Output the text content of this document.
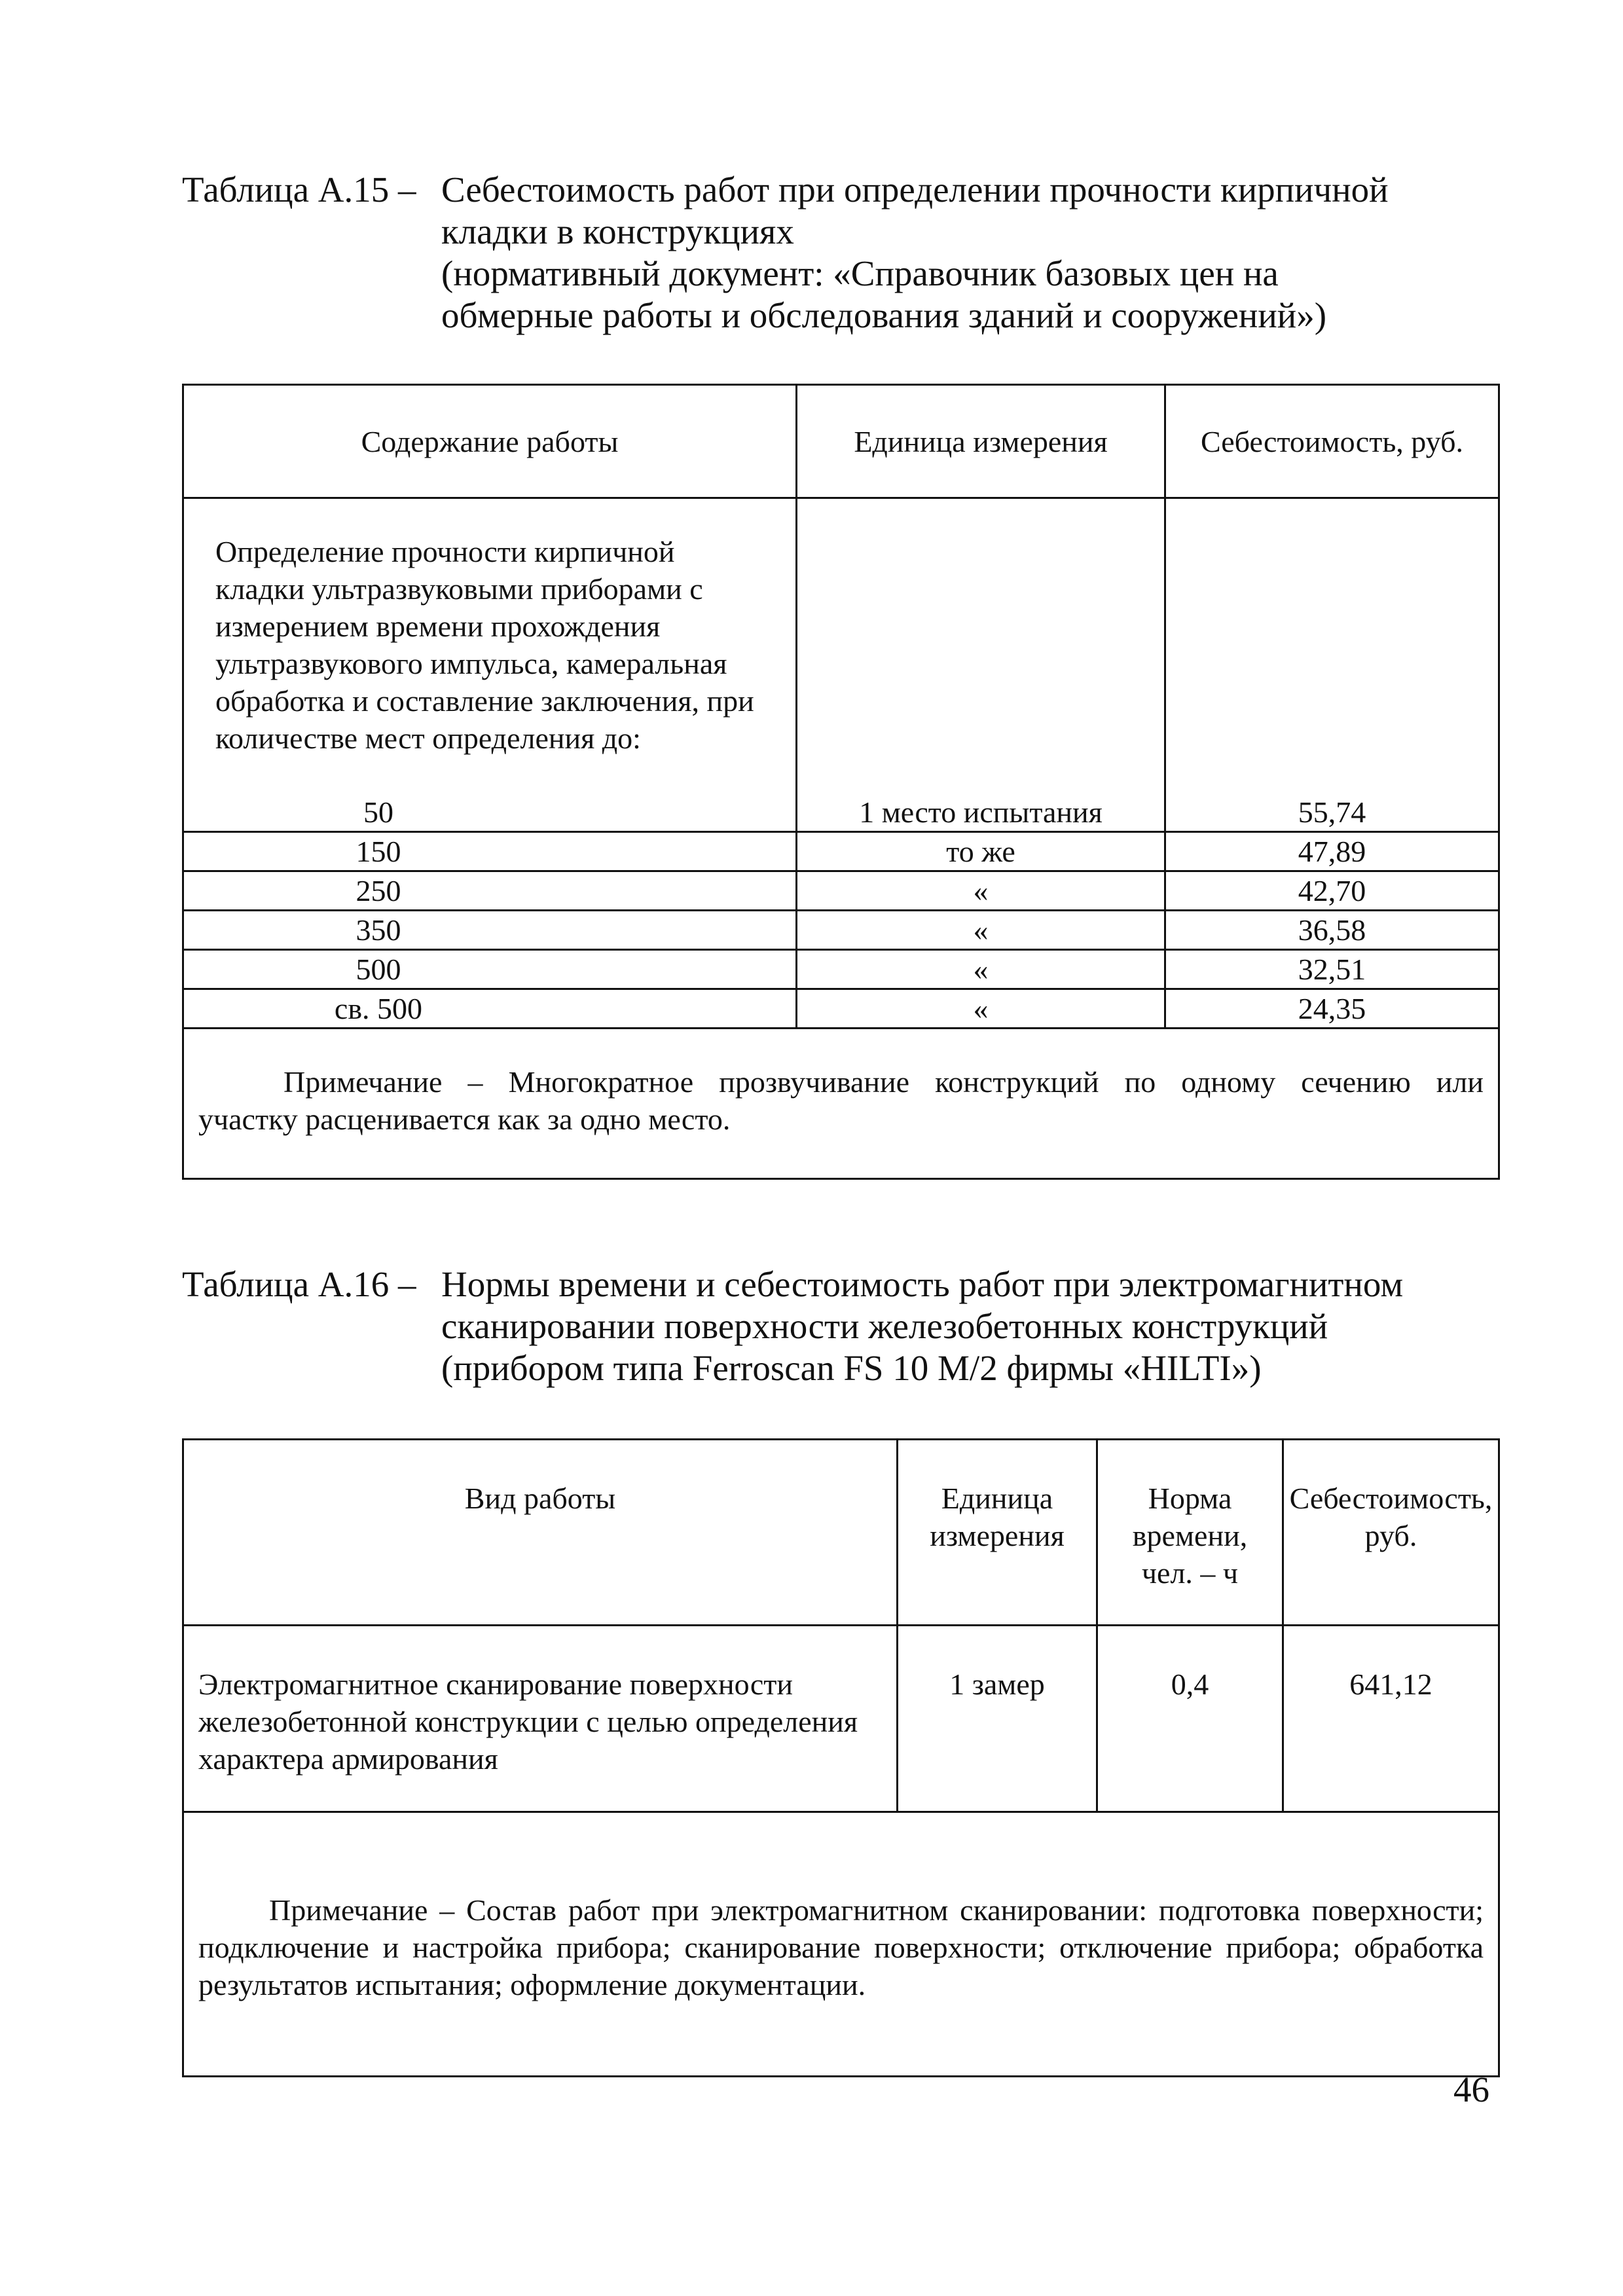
Таблица А.15 – Себестоимость работ при определении прочности кирпичной
кладки в конструкциях
(нормативный документ: «Справочник базовых цен на
обмерные работы и обследования зданий и сооружений»)
Содержание работы	Единица измерения	Себестоимость, руб.

Определение прочности кирпичной кладки ультразвуковыми приборами с измерением времени прохождения ультразвукового импульса, камеральная обработка и составление заключения, при количестве мест определения до:
50	1 место испытания	55,74
150	то же	47,89
250	«	42,70
350	«	36,58
500	«	32,51
св. 500	«	24,35

Примечание – Многократное прозвучивание конструкций по одному сечению или
участку расценивается как за одно место.		
Таблица А.16 – Нормы времени и себестоимость работ при электромагнитном
сканировании поверхности железобетонных конструкций
(прибором типа Ferroscan FS 10 M/2 фирмы «HILTI»)
Вид работы	Единица измерения	Норма времени, чел. – ч	Себестоимость, руб.
Электромагнитное сканирование поверхности железобетонной конструкции с целью определения характера армирования	1 замер	0,4	641,12
Примечание – Состав работ при электромагнитном сканировании: подготовка поверхности; подключение и настройка прибора; сканирование поверхности; отключение прибора; обработка результатов испытания; оформление документации.			
46
